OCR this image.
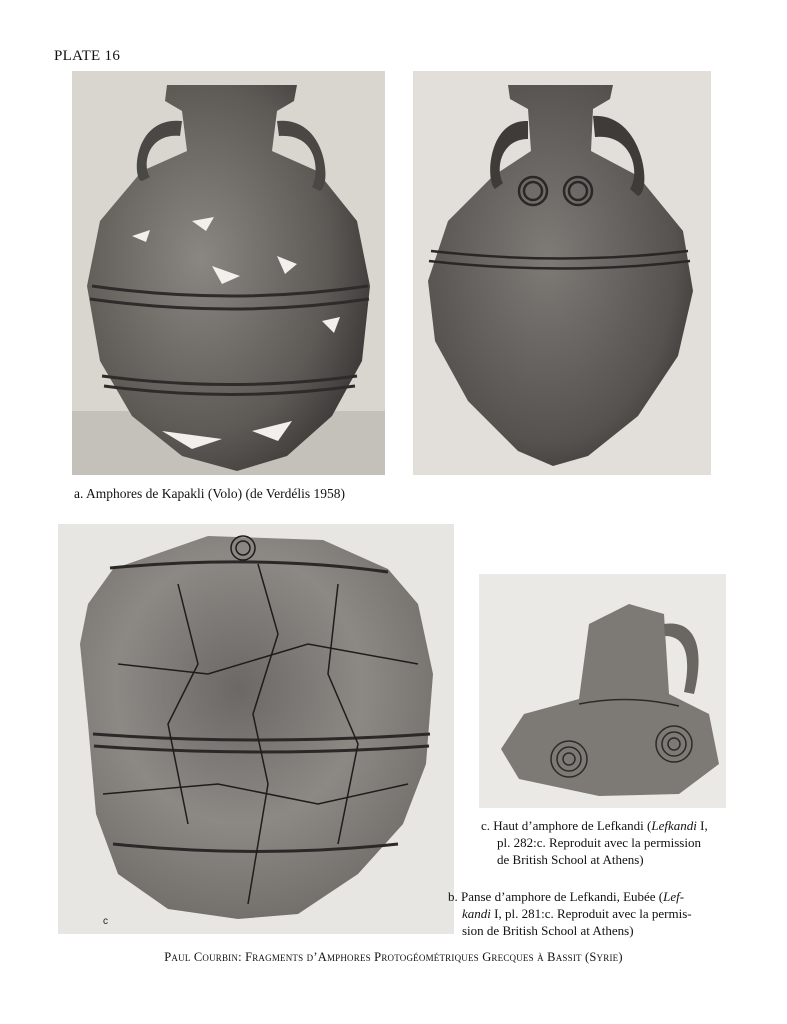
PLATE 16
a. Amphores de Kapakli (Volo) (de Verdélis 1958)
c
c. Haut d’amphore de Lefkandi (Lefkandi I,
pl. 282:c. Reproduit avec la permission
de British School at Athens)
b. Panse d’amphore de Lefkandi, Eubée (Lef-
kandi I, pl. 281:c. Reproduit avec la permis-
sion de British School at Athens)
Paul Courbin: Fragments d’Amphores Protogéométriques Grecques à Bassit (Syrie)
